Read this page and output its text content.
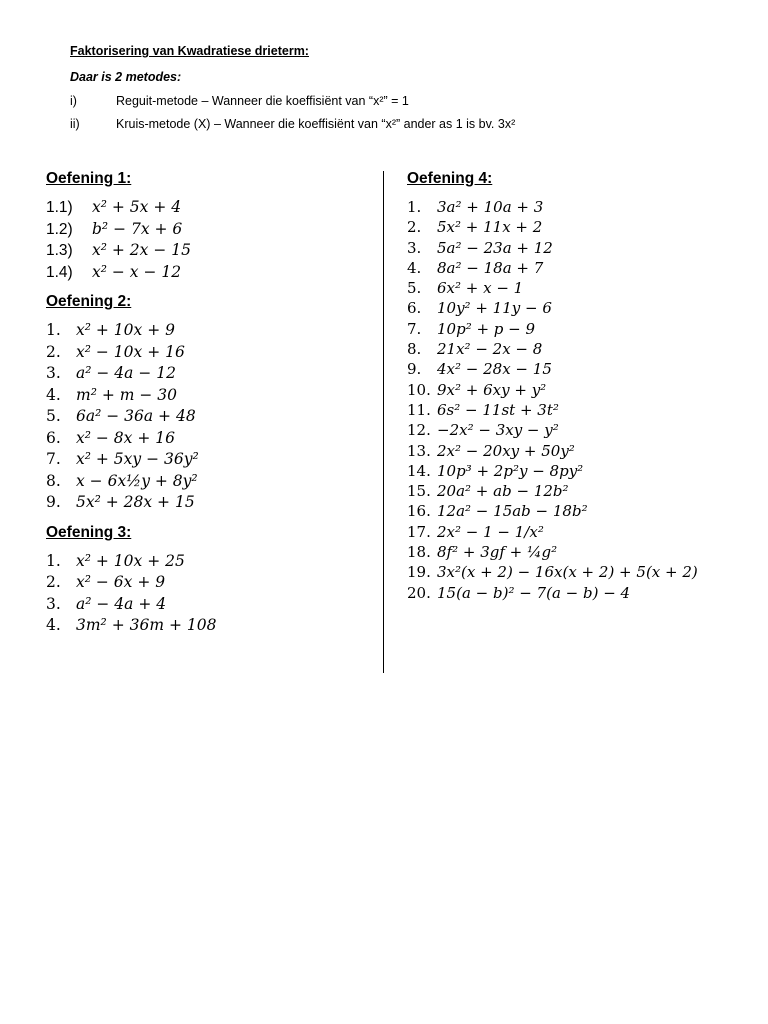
Faktorisering van Kwadratiese drieterm:
Daar is 2 metodes:
i)	Reguit-metode – Wanneer die koeffisiënt van “x²” = 1
ii)	Kruis-metode (X) – Wanneer die koeffisiënt van “x²” ander as 1 is bv. 3x²
Oefening 1:
1.1)	x² + 5x + 4
1.2)	b² − 7x + 6
1.3)	x² + 2x − 15
1.4)	x² − x − 12
Oefening 2:
1. x² + 10x + 9
2. x² − 10x + 16
3. a² − 4a − 12
4. m² + m − 30
5. 6a² − 36a + 48
6. x² − 8x + 16
7. x² + 5xy − 36y²
8. x − 6x½y + 8y²
9. 5x² + 28x + 15
Oefening 3:
1. x² + 10x + 25
2. x² − 6x + 9
3. a² − 4a + 4
4. 3m² + 36m + 108
Oefening 4:
1.	3a² + 10a + 3
2.	5x² + 11x + 2
3.	5a² − 23a + 12
4.	8a² − 18a + 7
5.	6x² + x − 1
6.	10y² + 11y − 6
7.	10p² + p − 9
8.	21x² − 2x − 8
9.	4x² − 28x − 15
10. 9x² + 6xy + y²
11. 6s² − 11st + 3t²
12. −2x² − 3xy − y²
13. 2x² − 20xy + 50y²
14. 10p³ + 2p²y − 8py²
15. 20a² + ab − 12b²
16. 12a² − 15ab − 18b²
17. 2x² − 1 − 1/x²
18. 8f² + 3gf + ¼g²
19. 3x²(x + 2) − 16x(x + 2) + 5(x + 2)
20. 15(a − b)² − 7(a − b) − 4
